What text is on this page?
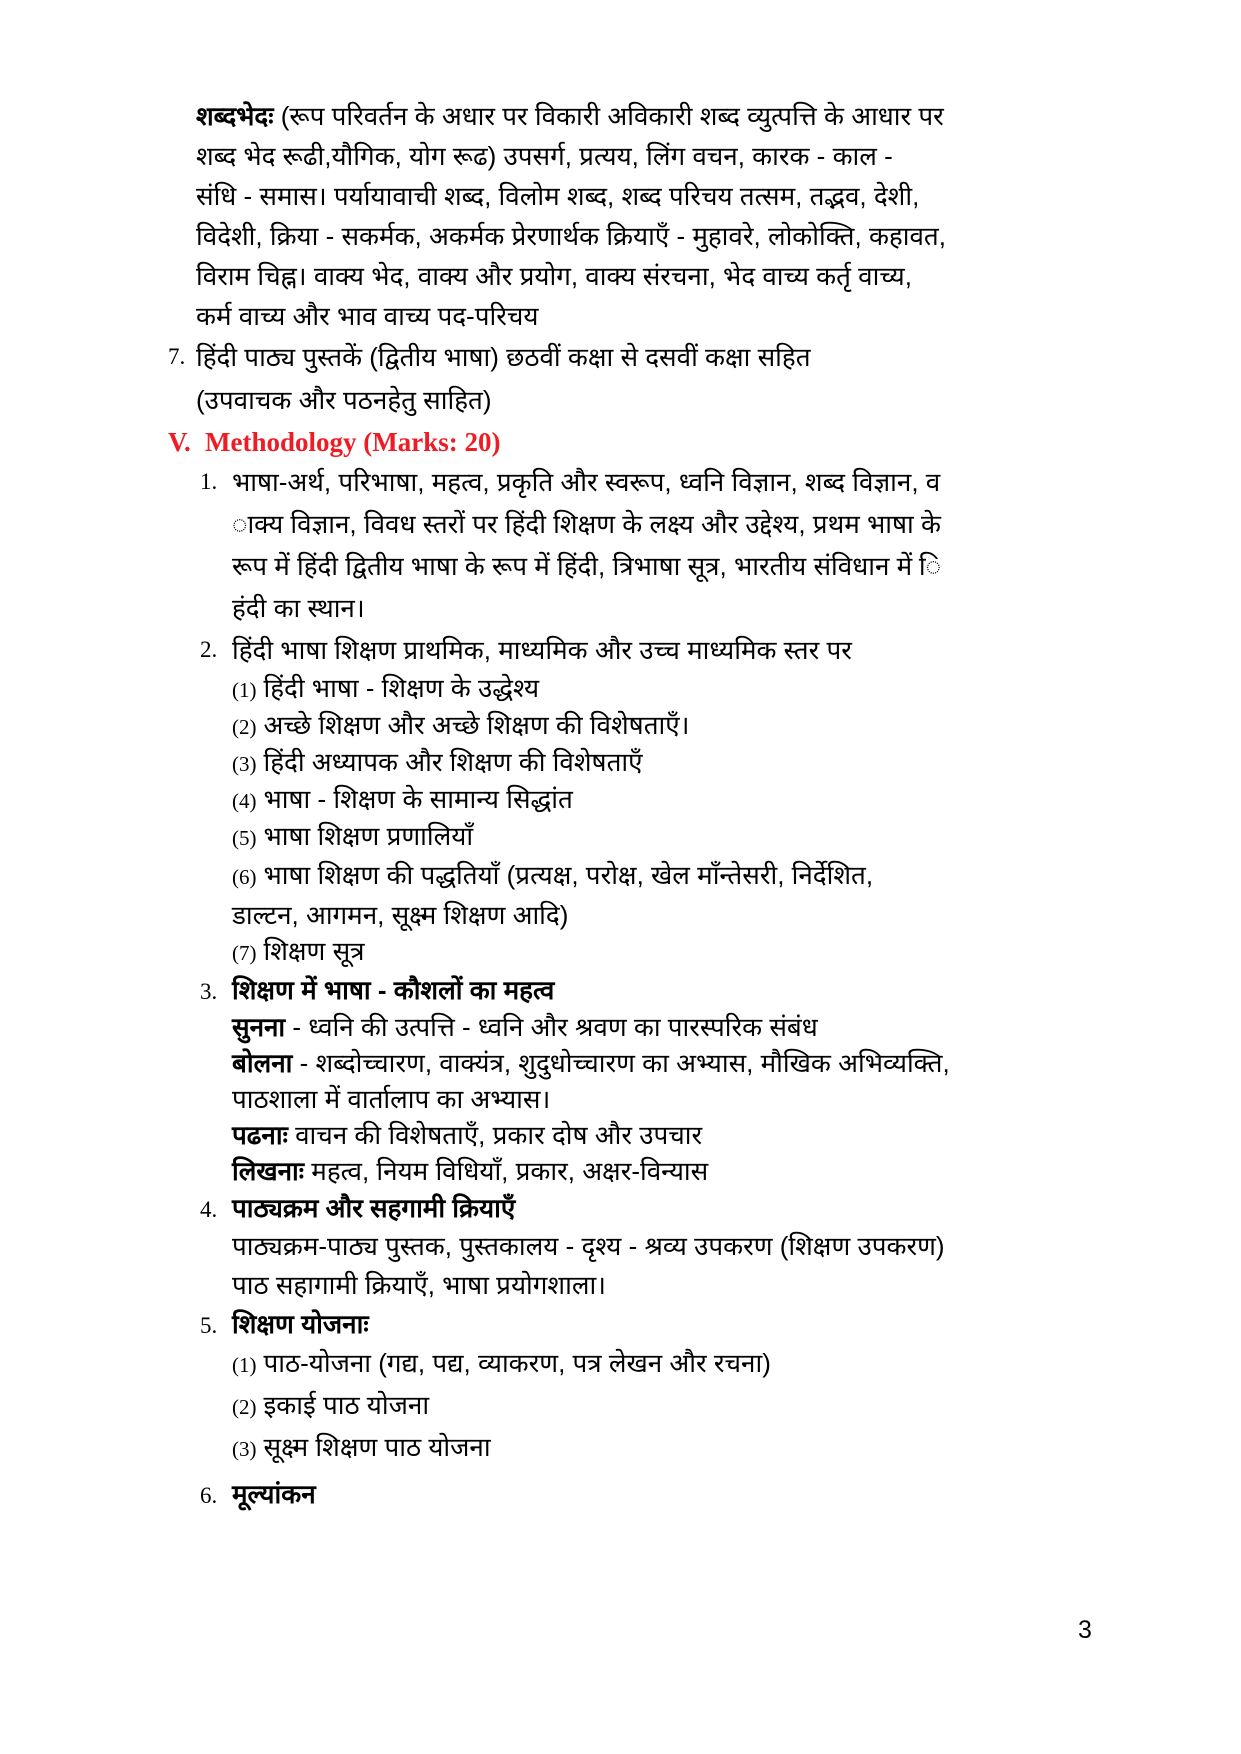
शब्दभेदः (रूप परिवर्तन के अधार पर विकारी अविकारी शब्द व्युत्पत्ति के आधार पर
शब्द भेद रूढी,यौगिक, योग रूढ) उपसर्ग, प्रत्यय, लिंग वचन, कारक - काल -
संधि - समास। पर्यायावाची शब्द, विलोम शब्द, शब्द परिचय तत्सम, तद्भव, देशी,
विदेशी, क्रिया - सकर्मक, अकर्मक प्रेरणार्थक क्रियाएँ - मुहावरे, लोकोक्ति, कहावत,
विराम चिह्न। वाक्य भेद, वाक्य और प्रयोग, वाक्य संरचना, भेद वाच्य कर्तृ वाच्य,
कर्म वाच्य और भाव वाच्य पद-परिचय
7. हिंदी पाठ्य पुस्तकें (द्वितीय भाषा) छठवीं कक्षा से दसवीं कक्षा सहित
(उपवाचक और पठनहेतु साहित)
V. Methodology (Marks: 20)
1. भाषा-अर्थ, परिभाषा, महत्व, प्रकृति और स्वरूप, ध्वनि विज्ञान, शब्द विज्ञान, व
ाक्य विज्ञान, विवध स्तरों पर हिंदी शिक्षण के लक्ष्य और उद्देश्य, प्रथम भाषा के
रूप में हिंदी द्वितीय भाषा के रूप में हिंदी, त्रिभाषा सूत्र, भारतीय संविधान में ि
हंदी का स्थान।
2. हिंदी भाषा शिक्षण प्राथमिक, माध्यमिक और उच्च माध्यमिक स्तर पर
(1) हिंदी भाषा - शिक्षण के उद्धेश्य
(2) अच्छे शिक्षण और अच्छे शिक्षण की विशेषताएँ।
(3) हिंदी अध्यापक और शिक्षण की विशेषताएँ
(4) भाषा - शिक्षण के सामान्य सिद्धांत
(5) भाषा शिक्षण प्रणालियाँ
(6) भाषा शिक्षण की पद्धतियाँ (प्रत्यक्ष, परोक्ष, खेल माँन्तेसरी, निर्देशित,
डाल्टन, आगमन, सूक्ष्म शिक्षण आदि)
(7) शिक्षण सूत्र
3. शिक्षण में भाषा - कौशलों का महत्व
सुनना - ध्वनि की उत्पत्ति - ध्वनि और श्रवण का पारस्परिक संबंध
बोलना - शब्दोच्चारण, वाक्यंत्र, शुदुधोच्चारण का अभ्यास, मौखिक अभिव्यक्ति,
पाठशाला में वार्तालाप का अभ्यास।
पढनाः वाचन की विशेषताएँ, प्रकार दोष और उपचार
लिखनाः महत्व, नियम विधियाँ, प्रकार, अक्षर-विन्यास
4. पाठ्यक्रम और सहगामी क्रियाएँ
पाठ्यक्रम-पाठ्य पुस्तक, पुस्तकालय - दृश्य - श्रव्य उपकरण (शिक्षण उपकरण)
पाठ सहागामी क्रियाएँ, भाषा प्रयोगशाला।
5. शिक्षण योजनाः
(1) पाठ-योजना (गद्य, पद्य, व्याकरण, पत्र लेखन और रचना)
(2) इकाई पाठ योजना
(3) सूक्ष्म शिक्षण पाठ योजना
6. मूल्यांकन
3
